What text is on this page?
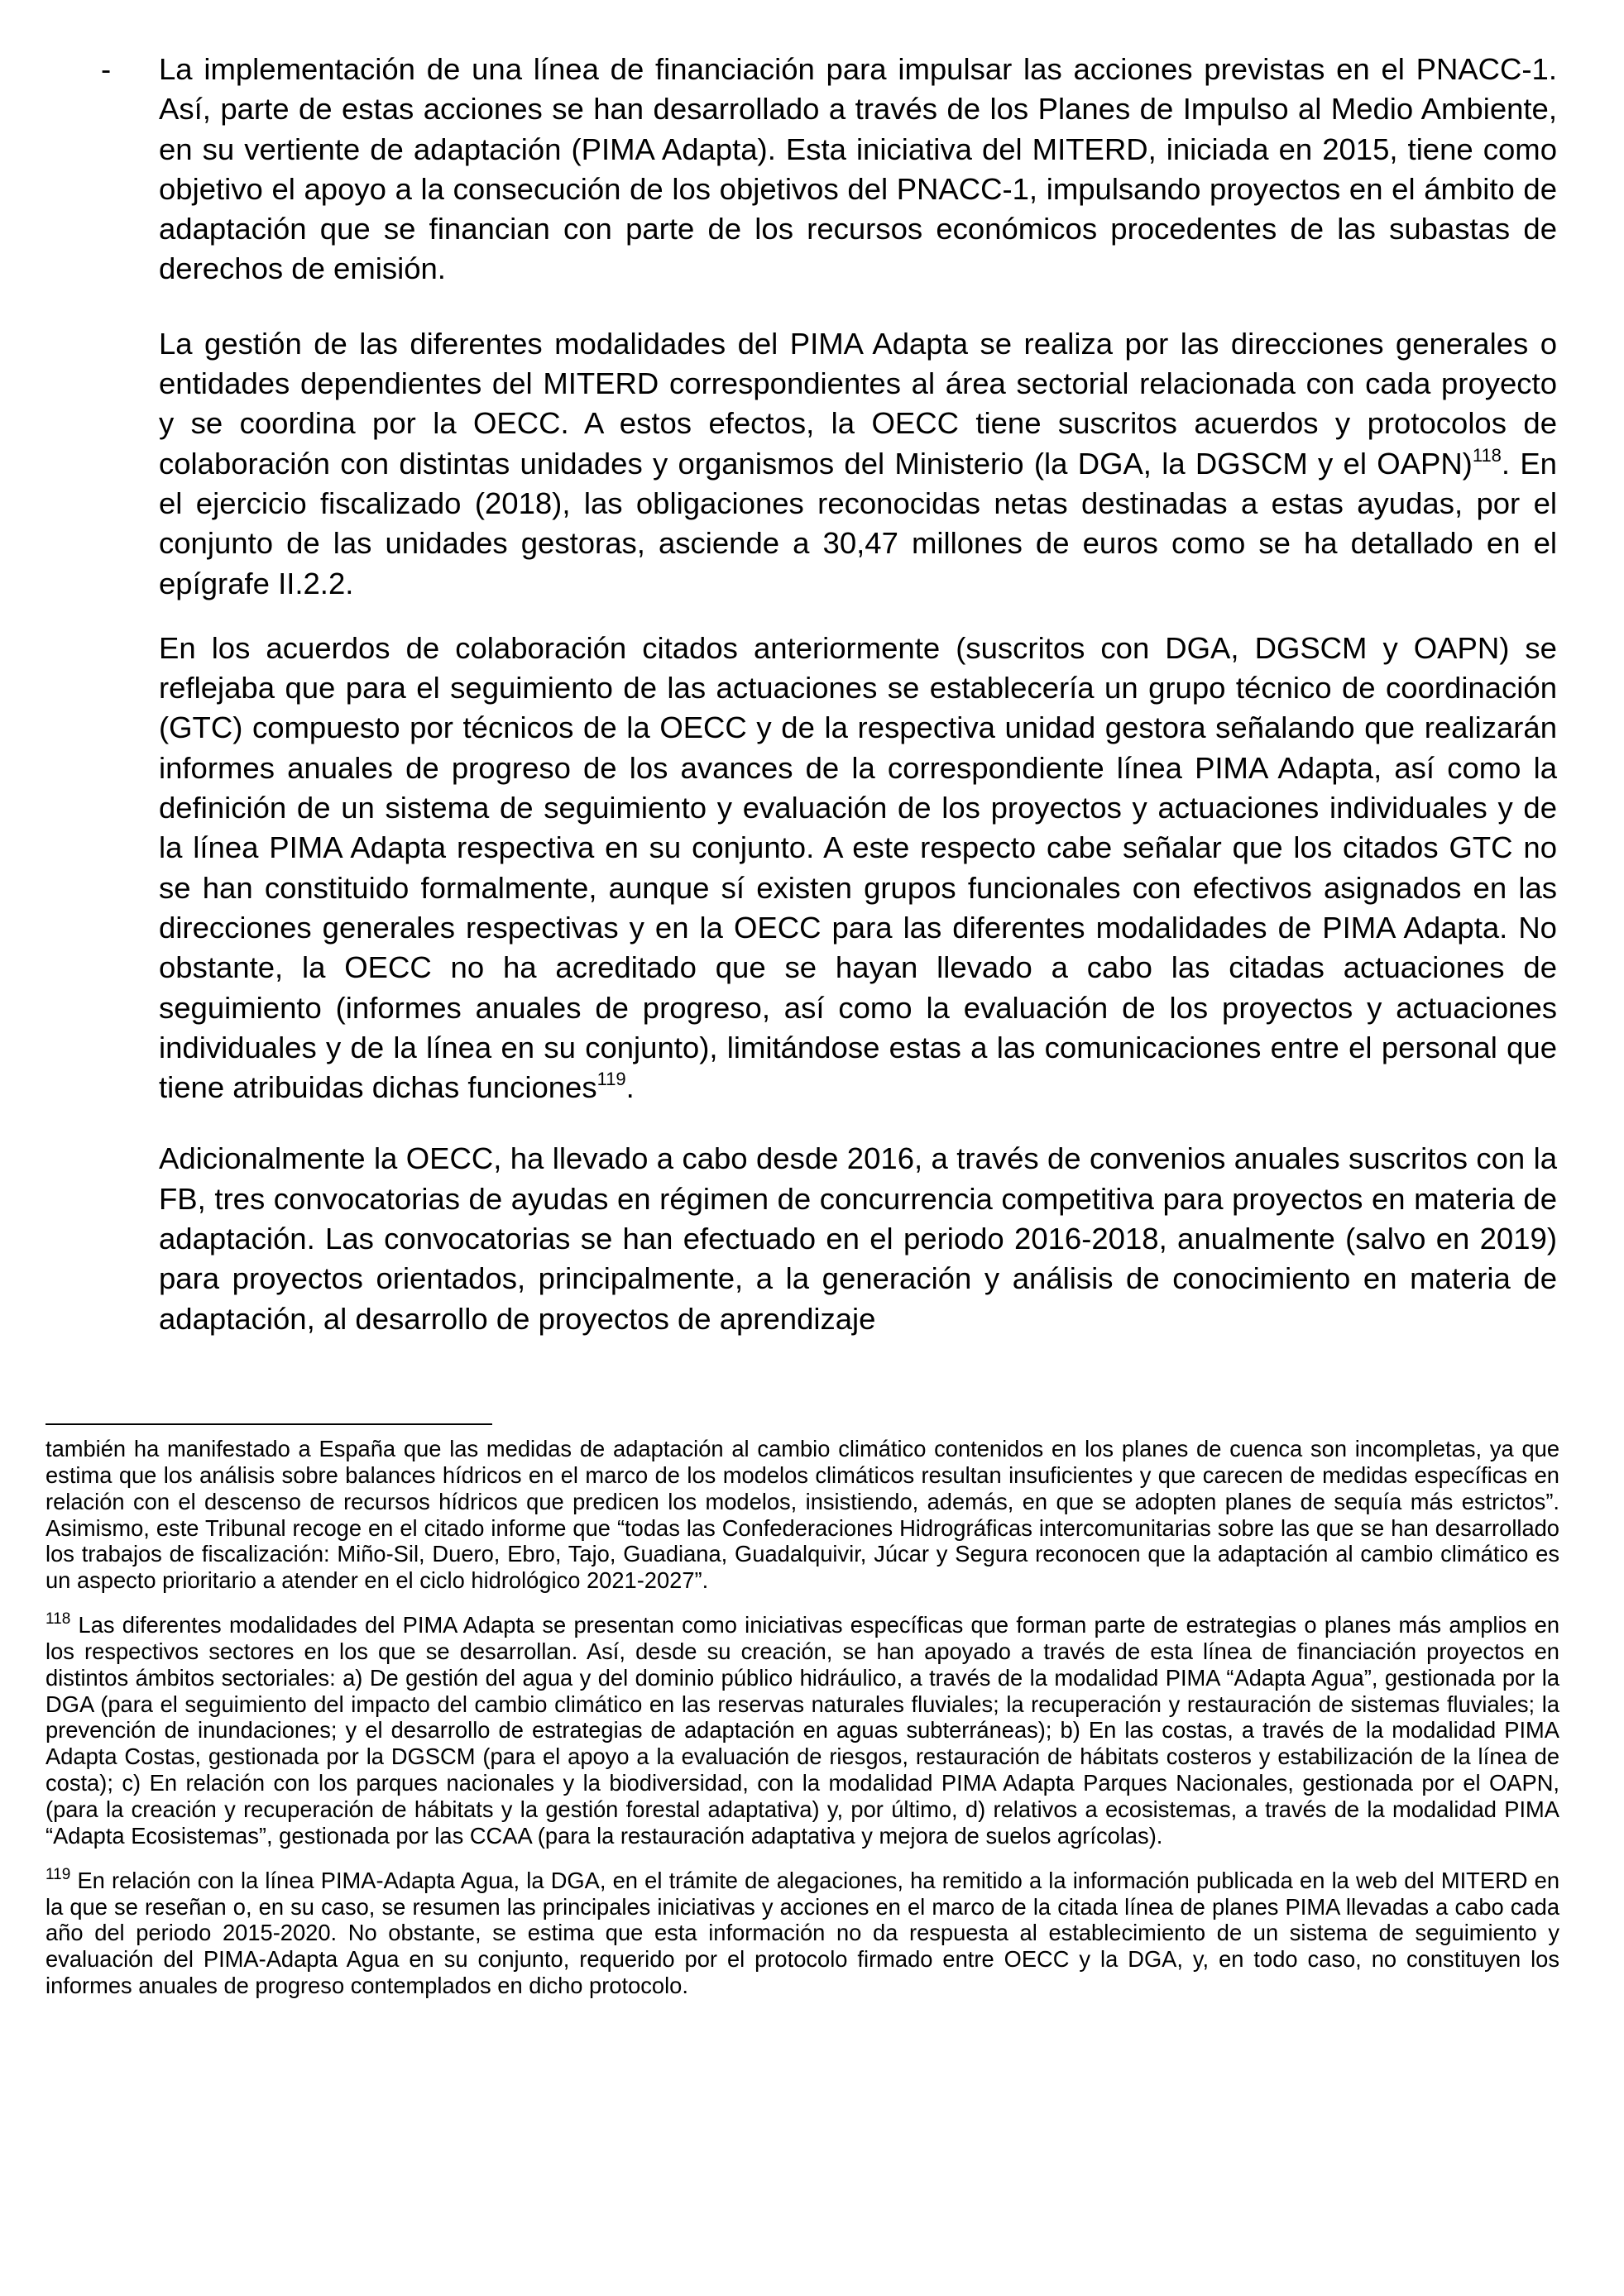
-	La implementación de una línea de financiación para impulsar las acciones previstas en el PNACC-1. Así, parte de estas acciones se han desarrollado a través de los Planes de Impulso al Medio Ambiente, en su vertiente de adaptación (PIMA Adapta). Esta iniciativa del MITERD, iniciada en 2015, tiene como objetivo el apoyo a la consecución de los objetivos del PNACC-1, impulsando proyectos en el ámbito de adaptación que se financian con parte de los recursos económicos procedentes de las subastas de derechos de emisión.

La gestión de las diferentes modalidades del PIMA Adapta se realiza por las direcciones generales o entidades dependientes del MITERD correspondientes al área sectorial relacionada con cada proyecto y se coordina por la OECC. A estos efectos, la OECC tiene suscritos acuerdos y protocolos de colaboración con distintas unidades y organismos del Ministerio (la DGA, la DGSCM y el OAPN)$^{118}$. En el ejercicio fiscalizado (2018), las obligaciones reconocidas netas destinadas a estas ayudas, por el conjunto de las unidades gestoras, asciende a 30,47 millones de euros como se ha detallado en el epígrafe II.2.2.

En los acuerdos de colaboración citados anteriormente (suscritos con DGA, DGSCM y OAPN) se reflejaba que para el seguimiento de las actuaciones se establecería un grupo técnico de coordinación (GTC) compuesto por técnicos de la OECC y de la respectiva unidad gestora señalando que realizarán informes anuales de progreso de los avances de la correspondiente línea PIMA Adapta, así como la definición de un sistema de seguimiento y evaluación de los proyectos y actuaciones individuales y de la línea PIMA Adapta respectiva en su conjunto. A este respecto cabe señalar que los citados GTC no se han constituido formalmente, aunque sí existen grupos funcionales con efectivos asignados en las direcciones generales respectivas y en la OECC para las diferentes modalidades de PIMA Adapta. No obstante, la OECC no ha acreditado que se hayan llevado a cabo las citadas actuaciones de seguimiento (informes anuales de progreso, así como la evaluación de los proyectos y actuaciones individuales y de la línea en su conjunto), limitándose estas a las comunicaciones entre el personal que tiene atribuidas dichas funciones$^{119}$.

Adicionalmente la OECC, ha llevado a cabo desde 2016, a través de convenios anuales suscritos con la FB, tres convocatorias de ayudas en régimen de concurrencia competitiva para proyectos en materia de adaptación. Las convocatorias se han efectuado en el periodo 2016-2018, anualmente (salvo en 2019) para proyectos orientados, principalmente, a la generación y análisis de conocimiento en materia de adaptación, al desarrollo de proyectos de aprendizaje

también ha manifestado a España que las medidas de adaptación al cambio climático contenidos en los planes de cuenca son incompletas, ya que estima que los análisis sobre balances hídricos en el marco de los modelos climáticos resultan insuficientes y que carecen de medidas específicas en relación con el descenso de recursos hídricos que predicen los modelos, insistiendo, además, en que se adopten planes de sequía más estrictos”. Asimismo, este Tribunal recoge en el citado informe que “todas las Confederaciones Hidrográficas intercomunitarias sobre las que se han desarrollado los trabajos de fiscalización: Miño-Sil, Duero, Ebro, Tajo, Guadiana, Guadalquivir, Júcar y Segura reconocen que la adaptación al cambio climático es un aspecto prioritario a atender en el ciclo hidrológico 2021-2027”.

$^{118}$ Las diferentes modalidades del PIMA Adapta se presentan como iniciativas específicas que forman parte de estrategias o planes más amplios en los respectivos sectores en los que se desarrollan. Así, desde su creación, se han apoyado a través de esta línea de financiación proyectos en distintos ámbitos sectoriales: a) De gestión del agua y del dominio público hidráulico, a través de la modalidad PIMA “Adapta Agua”, gestionada por la DGA (para el seguimiento del impacto del cambio climático en las reservas naturales fluviales; la recuperación y restauración de sistemas fluviales; la prevención de inundaciones; y el desarrollo de estrategias de adaptación en aguas subterráneas); b) En las costas, a través de la modalidad PIMA Adapta Costas, gestionada por la DGSCM (para el apoyo a la evaluación de riesgos, restauración de hábitats costeros y estabilización de la línea de costa); c) En relación con los parques nacionales y la biodiversidad, con la modalidad PIMA Adapta Parques Nacionales, gestionada por el OAPN, (para la creación y recuperación de hábitats y la gestión forestal adaptativa) y, por último, d) relativos a ecosistemas, a través de la modalidad PIMA “Adapta Ecosistemas”, gestionada por las CCAA (para la restauración adaptativa y mejora de suelos agrícolas).

$^{119}$ En relación con la línea PIMA-Adapta Agua, la DGA, en el trámite de alegaciones, ha remitido a la información publicada en la web del MITERD en la que se reseñan o, en su caso, se resumen las principales iniciativas y acciones en el marco de la citada línea de planes PIMA llevadas a cabo cada año del periodo 2015-2020. No obstante, se estima que esta información no da respuesta al establecimiento de un sistema de seguimiento y evaluación del PIMA-Adapta Agua en su conjunto, requerido por el protocolo firmado entre OECC y la DGA, y, en todo caso, no constituyen los informes anuales de progreso contemplados en dicho protocolo.
